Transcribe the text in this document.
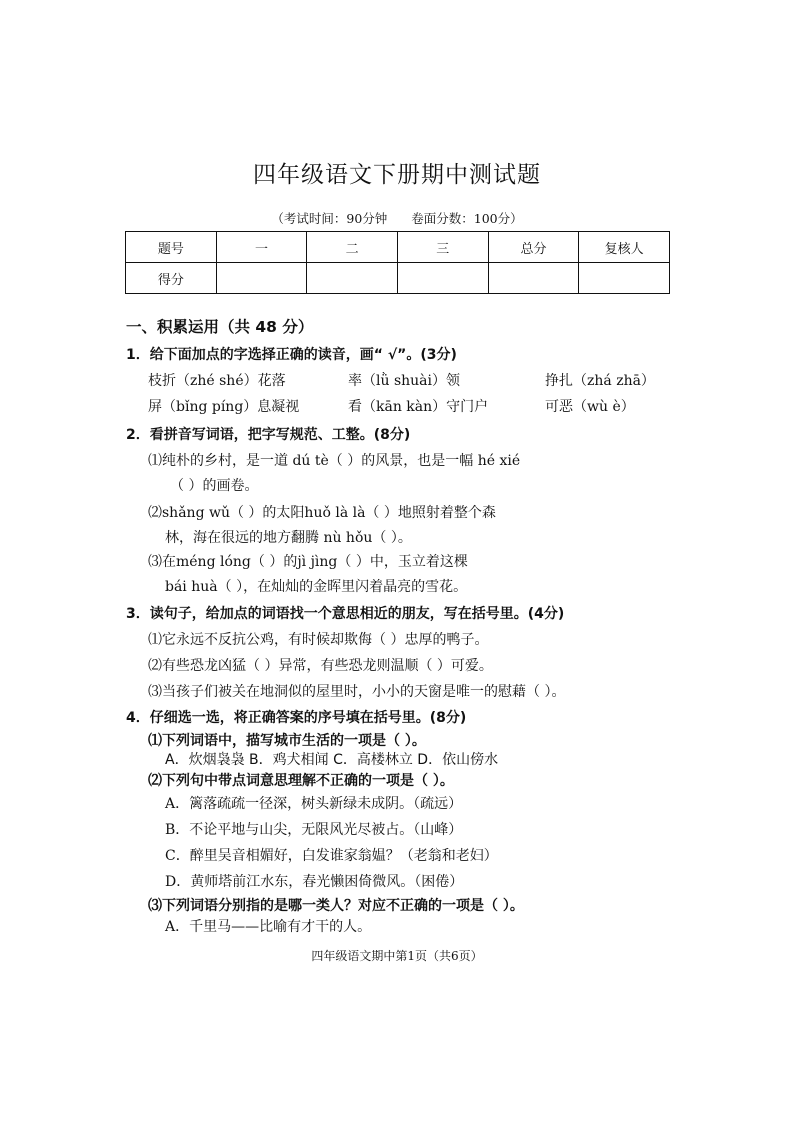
四年级语文下册期中测试题
（考试时间：90分钟 卷面分数：100分）
题号	一	二	三	总分	复核人
得分					
一、积累运用（共 48 分）
1．给下面加点的字选择正确的读音，画“ √”。(3分)
枝折（zhé shé）花落	率（lǜ shuài）领	挣扎（zhá zhā）
屏（bǐng píng）息凝视	看（kān kàn）守门户	可恶（wù è）
2．看拼音写词语，把字写规范、工整。(8分)
⑴纯朴的乡村，是一道 dú tè（ ）的风景，也是一幅 hé xié
（ ）的画卷。
⑵shǎng wǔ（ ）的太阳huǒ là là（ ）地照射着整个森
林，海在很远的地方翻腾 nù hǒu（ ）。
⑶在méng lóng（ ）的jì jìng（ ）中，玉立着这棵
bái huà（ ），在灿灿的金晖里闪着晶亮的雪花。
3．读句子，给加点的词语找一个意思相近的朋友，写在括号里。(4分)
⑴它永远不反抗公鸡，有时候却欺侮（ ）忠厚的鸭子。
⑵有些恐龙凶猛（ ）异常，有些恐龙则温顺（ ）可爱。
⑶当孩子们被关在地洞似的屋里时，小小的天窗是唯一的慰藉（ ）。
4．仔细选一选，将正确答案的序号填在括号里。(8分)
⑴下列词语中，描写城市生活的一项是（ ）。
A．炊烟袅袅 B．鸡犬相闻 C．高楼林立 D．依山傍水
⑵下列句中带点词意思理解不正确的一项是（ ）。
A．篱落疏疏一径深，树头新绿未成阴。（疏远）
B．不论平地与山尖，无限风光尽被占。（山峰）
C．醉里吴音相媚好，白发谁家翁媪？（老翁和老妇）
D．黄师塔前江水东，春光懒困倚微风。（困倦）
⑶下列词语分别指的是哪一类人？对应不正确的一项是（ ）。
A．千里马——比喻有才干的人。
四年级语文期中第1页（共6页）
